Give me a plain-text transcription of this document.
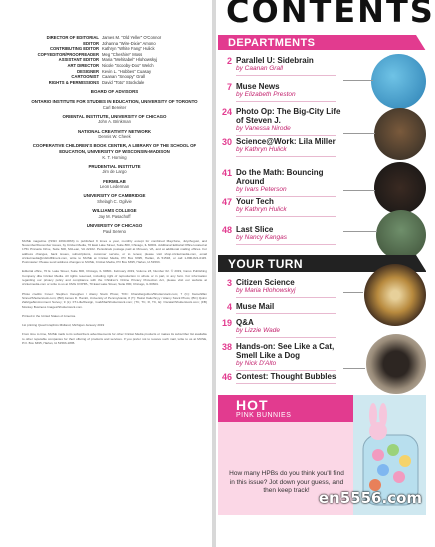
CONTENTS
DIRECTOR OF EDITORIAL James M. "Old Yeller" O'Connor
EDITOR Johanna "Wire-Dixie" Amono
CONTRIBUTING EDITOR Kathryn "White Fang" Hulick
COPYEDITOR/PROOFREADER Meg "Cheshire" Moss
ASSISTANT EDITOR Maria "Mehitabel" Hlohowskyj
ART DIRECTOR Nicole "Scooby-Doo" Welch
DESIGNER Kevin L. "Hobbes" Cuasay
CARTOONIST Caanan "Snoopy" Grall
RIGHTS & PERMISSIONS David "Toto" Stockdale
BOARD OF ADVISORS
ONTARIO INSTITUTE FOR STUDIES IN EDUCATION, UNIVERSITY OF TORONTO
Carl Bereiter
ORIENTAL INSTITUTE, UNIVERSITY OF CHICAGO
John A. Brinkman
NATIONAL CREATIVITY NETWORK
Dennis W. Cheek
COOPERATIVE CHILDREN'S BOOK CENTER, A LIBRARY OF THE SCHOOL OF EDUCATION, UNIVERSITY OF WISCONSIN-MADISON
K. T. Horning
PRUDENTIAL INSTITUTE
Jim de Largo
FERMILAB
Leon Lederman
UNIVERSITY OF CAMBRIDGE
Shelagh C. Ogilvie
WILLIAMS COLLEGE
Jay M. Pasachoff
UNIVERSITY OF CHICAGO
Paul Sereno
MUSE magazine (ISSN 1090-0063) is published 9 times a year, monthly except for combined May/June, July/August, and November/December issues, by Cricket Media, 70 East Lake Street, Suite 800, Chicago, IL 60601. Additional Editorial Office located at 1751 Pinnacle Drive, Suite 600, McLean, VA 22102. Periodicals postage paid at McLean, VA, and at additional mailing offices. For address changes, back issues, subscriptions, customer service, or to renew, please visit shop.cricketmedia.com, email cricketmedia@cdsfulfillment.com, write to MUSE at Cricket Media, PO Box 6395, Harlan, IA 51593, or call 1-800-821-0115. Postmaster: Please send address changes to MUSE, Cricket Media, PO Box 6395, Harlan, IA 51593.
Editorial office, 70 E. Lake Street, Suite 800, Chicago, IL 60601. February 2019, Volume 23, Number 02. © 2019, Carus Publishing Company dba Cricket Media. All rights reserved, including right of reproduction in whole or in part, in any form. For information regarding our privacy policy and compliance with the Children's Online Privacy Protection Act, please visit our website at cricketmedia.com or write to us at CMG COPPA, 70 East Lake Street, Suite 800, Chicago, IL 60601.
Photo credits: Cover: Stephen Voneghen / Alamy Stock Photo; TOC: Chandlerguilton/Shutterstock.com; 7 (C): KamolWan Sinnet/Shutterstock.com; (BR) James D. Hamitt, University of Pennsylvania; 8 (T): Hatrel Kaluzhnyy / Alamy Stock Photo; (BC) Quinn Zabrige/Environment Survey; 9 (L): FT-Lille/Design, GudZiba/Shutterstock.com; (TC, TC, R, TC, E): Oscalar/Shutterstock.com; (FB) Monkey Business Images/Shutterstock.com.
Printed in the United States of America.
1st printing Quad Graphics Midland, Michigan January 2019
From time to time, MUSE mails to its subscribers advertisements for other Cricket Media products or makes its subscriber list available to other reputable companies for their offering of products and services. If you prefer not to receive such mail, write to us at MUSE, P.O. Box 6395, Harlan, IA 51593-1895.
DEPARTMENTS
2 Parallel U: Sidebrain
by Caanan Grall
7 Muse News
by Elizabeth Preston
24 Photo Op: The Big-City Life of Steven J.
by Vanessa Nirode
30 Science@Work: Lila Miller
by Kathryn Hulick
41 Do the Math: Bouncing Around
by Ivars Peterson
47 Your Tech
by Kathryn Hulick
48 Last Slice
by Nancy Kangas
YOUR TURN
3 Citizen Science
by Maria Hlohowskyj
4 Muse Mail
19 Q&A
by Lizzie Wade
38 Hands-on: See Like a Cat, Smell Like a Dog
by Nick D'Alto
46 Contest: Thought Bubbles
HOT
PINK BUNNIES
How many HPBs do you think you'll find in this issue? Jot down your guess, and then keep track! en5556.com
